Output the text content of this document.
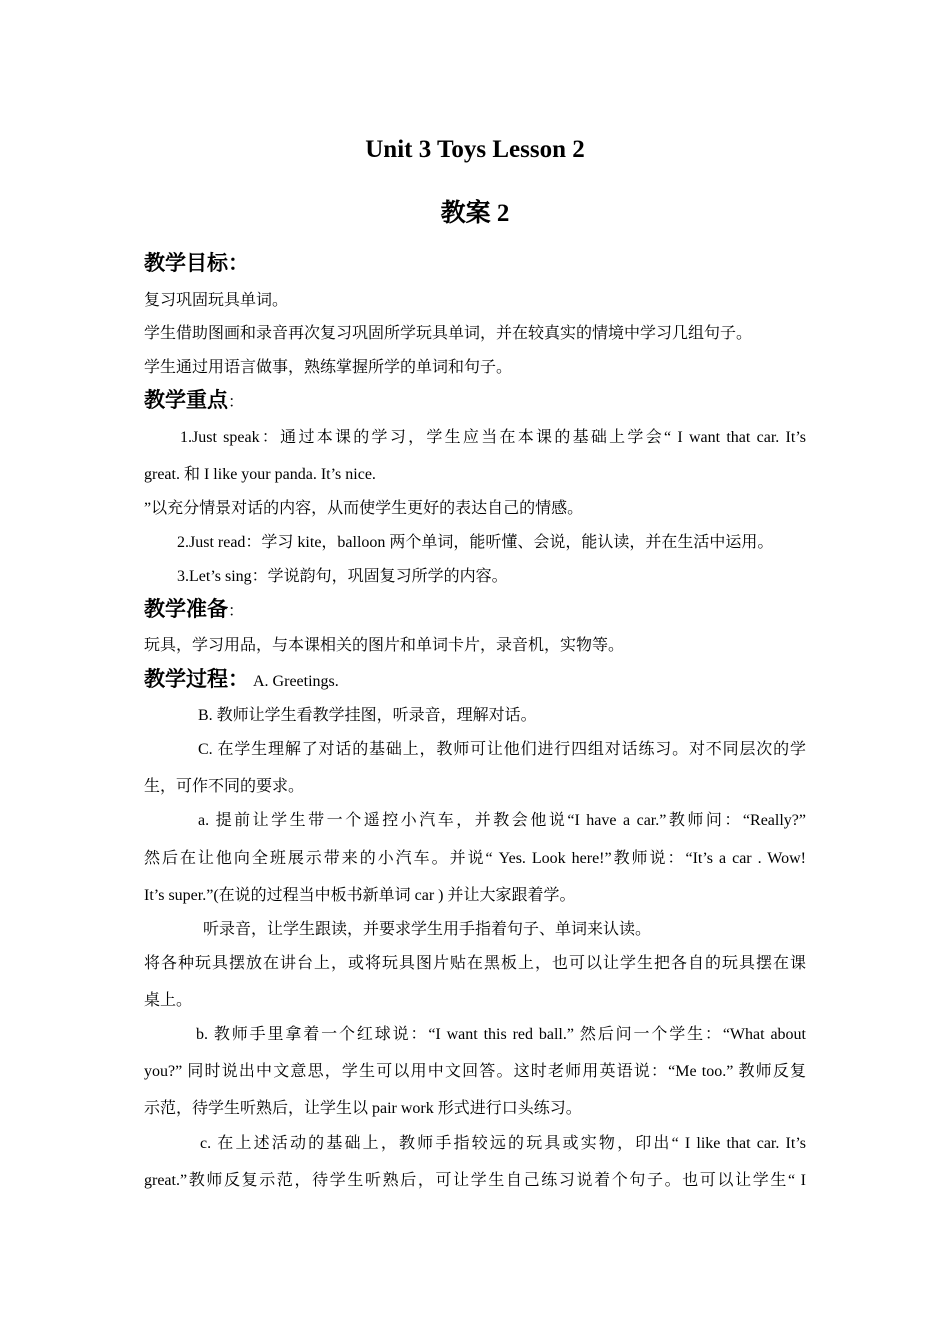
Unit 3 Toys Lesson 2
教案 2
教学目标：
复习巩固玩具单词。
学生借助图画和录音再次复习巩固所学玩具单词，并在较真实的情境中学习几组句子。
学生通过用语言做事，熟练掌握所学的单词和句子。
教学重点：
1.Just speak：通过本课的学习，学生应当在本课的基础上学会“ I want that car. It’s
great. 和 I like your panda. It’s nice.
”以充分情景对话的内容，从而使学生更好的表达自己的情感。
2.Just read：学习 kite，balloon 两个单词，能听懂、会说，能认读，并在生活中运用。
3.Let’s sing：学说韵句，巩固复习所学的内容。
教学准备：
玩具，学习用品，与本课相关的图片和单词卡片，录音机，实物等。
教学过程： A. Greetings.
B. 教师让学生看教学挂图，听录音，理解对话。
C. 在学生理解了对话的基础上，教师可让他们进行四组对话练习。对不同层次的学
生，可作不同的要求。
a. 提前让学生带一个遥控小汽车，并教会他说“I have a car.”教师问：“Really?”
然后在让他向全班展示带来的小汽车。并说“ Yes. Look here!”教师说：“It’s a car . Wow!
It’s super.”(在说的过程当中板书新单词 car ) 并让大家跟着学。
听录音，让学生跟读，并要求学生用手指着句子、单词来认读。
将各种玩具摆放在讲台上，或将玩具图片贴在黑板上，也可以让学生把各自的玩具摆在课
桌上。
b. 教师手里拿着一个红球说：“I want this red ball.” 然后问一个学生：“What about
you?” 同时说出中文意思，学生可以用中文回答。这时老师用英语说：“Me too.” 教师反复
示范，待学生听熟后，让学生以 pair work 形式进行口头练习。
c. 在上述活动的基础上，教师手指较远的玩具或实物，印出“ I like that car. It’s
great.”教师反复示范，待学生听熟后，可让学生自己练习说着个句子。也可以让学生“ I
